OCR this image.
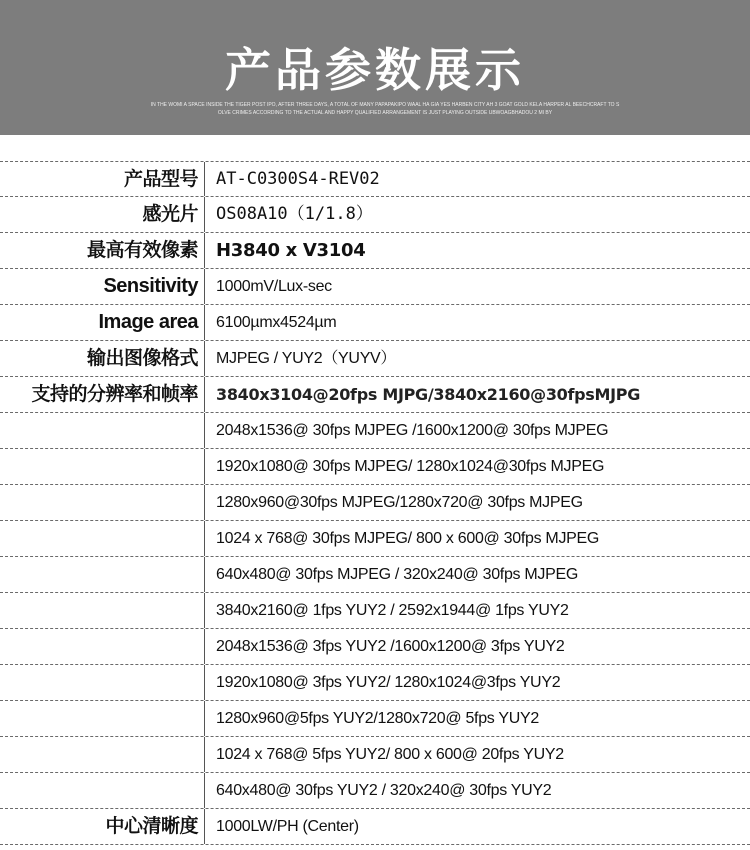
产品参数展示
IN THE WOMI A SPACE INSIDE THE TIGER POST IPO, AFTER THREE DAYS, A TOTAL OF MANY PAPAPAKIPO WAAL HA GIA YES HARBEN CITY AH 3 GOAT GOLD KELA HARPER AL BEECHCRAFT TO S OLVE CRIMES ACCORDING TO THE ACTUAL AND HAPPY QUALIFIED ARRANGEMENT IS JUST PLAYING OUTSIDE UBWOAGBHADOU 2 MI BY
产品型号	AT-C0300S4-REV02
感光片	OS08A10（1/1.8）
最高有效像素	H3840 x V3104
Sensitivity	1000mV/Lux-sec
Image area	6100µmx4524µm
输出图像格式	MJPEG / YUY2（YUYV）
支持的分辨率和帧率	3840x3104@20fps MJPG/3840x2160@30fpsMJPG
2048x1536@ 30fps MJPEG /1600x1200@ 30fps MJPEG
1920x1080@ 30fps MJPEG/ 1280x1024@30fps MJPEG
1280x960@30fps MJPEG/1280x720@ 30fps MJPEG
1024 x 768@ 30fps MJPEG/ 800 x 600@ 30fps MJPEG
640x480@ 30fps MJPEG / 320x240@ 30fps MJPEG
3840x2160@ 1fps YUY2 / 2592x1944@ 1fps YUY2
2048x1536@ 3fps YUY2 /1600x1200@ 3fps YUY2
1920x1080@ 3fps YUY2/ 1280x1024@3fps YUY2
1280x960@5fps YUY2/1280x720@ 5fps YUY2
1024 x 768@ 5fps YUY2/ 800 x 600@ 20fps YUY2
640x480@ 30fps YUY2 / 320x240@ 30fps YUY2
中心清晰度	1000LW/PH (Center)
